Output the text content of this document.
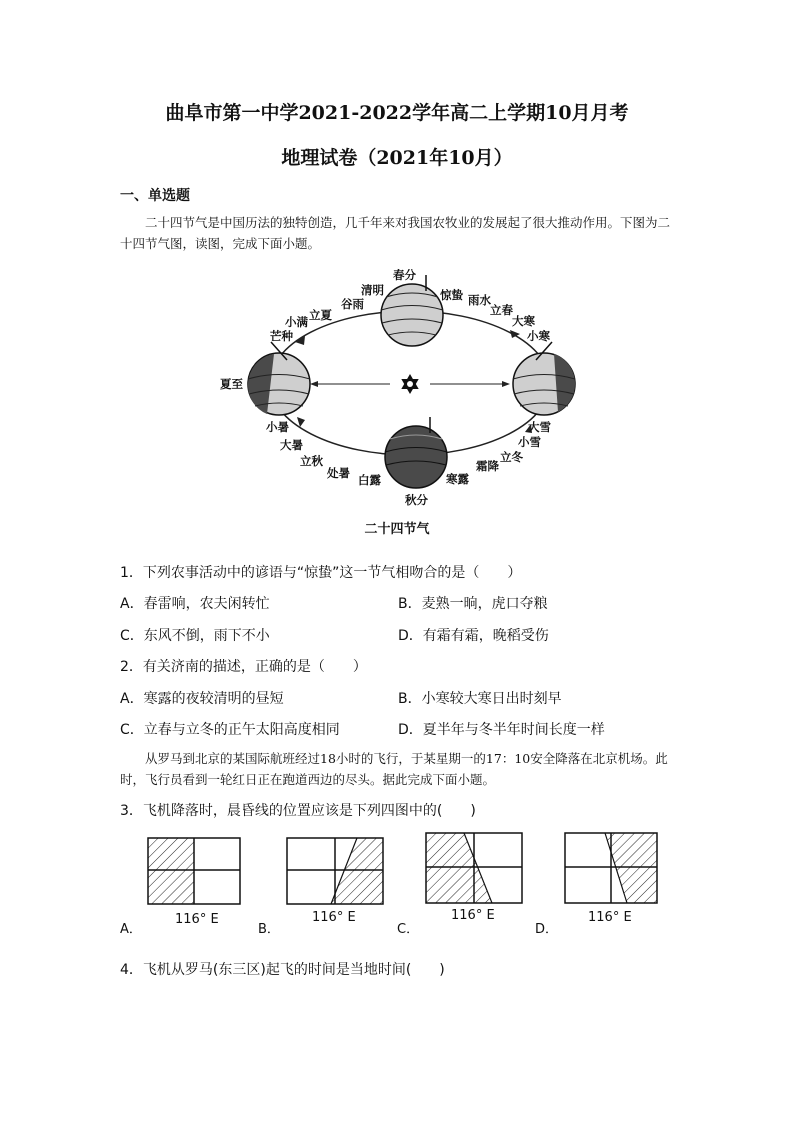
曲阜市第一中学2021-2022学年高二上学期10月月考
地理试卷（2021年10月）
一、单选题
二十四节气是中国历法的独特创造，几千年来对我国农牧业的发展起了很大推动作用。下图为二十四节气图，读图，完成下面小题。
春分
清明
谷雨
立夏
小满
芒种
夏至
小暑
大暑
立秋
处暑 白露
秋分
寒露
霜降
立冬
小雪
大雪
小寒
大寒
立春
雨水
惊蛰
二十四节气
1．下列农事活动中的谚语与“惊蛰”这一节气相吻合的是（　　）
A．春雷响，农夫闲转忙	B．麦熟一晌，虎口夺粮
C．东风不倒，雨下不小	D．有霜有霜，晚稻受伤
2．有关济南的描述，正确的是（　　）
A．寒露的夜较清明的昼短	B．小寒较大寒日出时刻早
C．立春与立冬的正午太阳高度相同	D．夏半年与冬半年时间长度一样
从罗马到北京的某国际航班经过18小时的飞行，于某星期一的17：10安全降落在北京机场。此时，飞行员看到一轮红日正在跑道西边的尽头。据此完成下面小题。
3．飞机降落时，晨昏线的位置应该是下列四图中的(　　)
A．
116° E
B．
116° E
C．
116° E
D．
116° E
4．飞机从罗马(东三区)起飞的时间是当地时间(　　)
